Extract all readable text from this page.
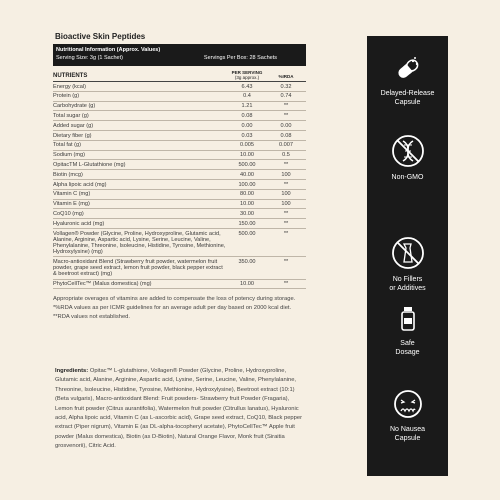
Bioactive Skin Peptides
Nutritional Information (Approx. Values)
Serving Size: 3g (1 Sachet)	Servings Per Box: 28 Sachets
NUTRIENTS
PER SERVING
(3g approx.)	%IRDA
Energy (kcal)	6.43	0.32
Protein (g)	0.4	0.74
Carbohydrate (g)	1.21	**
Total sugar (g)	0.08	**
Added sugar (g)	0.00	0.00
Dietary fiber (g)	0.03	0.08
Total fat (g)	0.005	0.007
Sodium (mg)	10.00	0.5
OpitacTM L-Glutathione (mg)	500.00	**
Biotin (mcg)	40.00	100
Alpha lipoic acid (mg)	100.00	**
Vitamin C (mg)	80.00	100
Vitamin E (mg)	10.00	100
CoQ10 (mg)	30.00	**
Hyaluronic acid (mg)	150.00	**
Vollagen® Powder (Glycine, Proline, Hydroxyproline, Glutamic acid, Alanine, Arginine, Aspartic acid, Lysine, Serine, Leucine, Valine, Phenylalanine, Threonine, Isoleucine, Histidine, Tyrosine, Methionine, Hydroxylysine) (mg)
500.00	**
Macro-antioxidant Blend (Strawberry fruit powder, watermelon fruit powder, grape seed extract, lemon fruit powder, black pepper extract & beetroot extract) (mg)
350.00	**
PhytoCellTec™ (Malus domestica) (mg)	10.00	**

Appropriate overages of vitamins are added to compensate the loss of potency during storage.

*%RDA values as per ICMR guidelines for an average adult per day based on 2000 kcal diet.

**RDA values not established.

Ingredients: Opitac™ L-glutathione, Vollagen® Powder (Glycine, Proline, Hydroxyproline, Glutamic acid, Alanine, Arginine, Aspartic acid, Lysine, Serine, Leucine, Valine, Phenylalanine, Threonine, Isoleucine, Histidine, Tyrosine, Methionine, Hydroxylysine), Beetroot extract (10:1) (Beta vulgaris), Macro-antioxidant Blend: Fruit powders- Strawberry fruit Powder (Fragaria), Lemon fruit powder (Citrus aurantifolia), Watermelon fruit powder (Citrullus lanatus), Hyaluronic acid, Alpha lipoic acid, Vitamin C (as L-ascorbic acid), Grape seed extract, CoQ10, Black pepper extract (Piper nigrum), Vitamin E (as DL-alpha-tocopheryl acetate), PhytoCellTec™ Apple fruit powder (Malus domestica), Biotin (as D-Biotin), Natural Orange Flavor, Monk fruit (Siraitia grosvenorii), Citric Acid.
Delayed-Release
Capsule
Non-GMO
No Fillers
or Additives
Safe
Dosage
No Nausea
Capsule
